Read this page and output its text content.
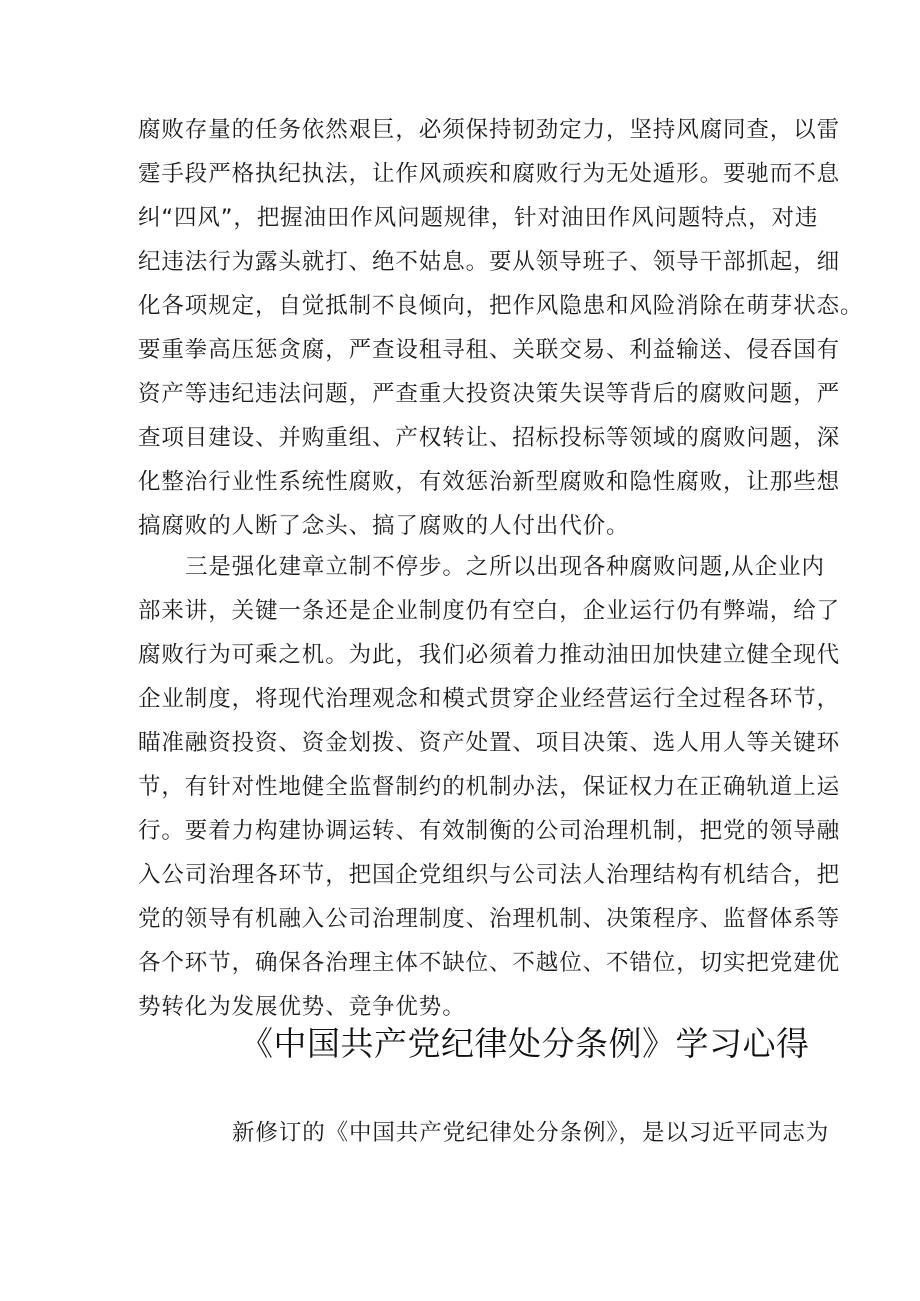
腐败存量的任务依然艰巨，必须保持韧劲定力，坚持风腐同查，以雷
霆手段严格执纪执法，让作风顽疾和腐败行为无处遁形。要驰而不息
纠“四风”，把握油田作风问题规律，针对油田作风问题特点，对违
纪违法行为露头就打、绝不姑息。要从领导班子、领导干部抓起，细
化各项规定，自觉抵制不良倾向，把作风隐患和风险消除在萌芽状态。
要重拳高压惩贪腐，严查设租寻租、关联交易、利益输送、侵吞国有
资产等违纪违法问题，严查重大投资决策失误等背后的腐败问题，严
查项目建设、并购重组、产权转让、招标投标等领域的腐败问题，深
化整治行业性系统性腐败，有效惩治新型腐败和隐性腐败，让那些想
搞腐败的人断了念头、搞了腐败的人付出代价。
三是强化建章立制不停步。之所以出现各种腐败问题,从企业内
部来讲，关键一条还是企业制度仍有空白，企业运行仍有弊端，给了
腐败行为可乘之机。为此，我们必须着力推动油田加快建立健全现代
企业制度，将现代治理观念和模式贯穿企业经营运行全过程各环节，
瞄准融资投资、资金划拨、资产处置、项目决策、选人用人等关键环
节，有针对性地健全监督制约的机制办法，保证权力在正确轨道上运
行。要着力构建协调运转、有效制衡的公司治理机制，把党的领导融
入公司治理各环节，把国企党组织与公司法人治理结构有机结合，把
党的领导有机融入公司治理制度、治理机制、决策程序、监督体系等
各个环节，确保各治理主体不缺位、不越位、不错位，切实把党建优
势转化为发展优势、竞争优势。
《中国共产党纪律处分条例》学习心得
新修订的《中国共产党纪律处分条例》，是以习近平同志为
